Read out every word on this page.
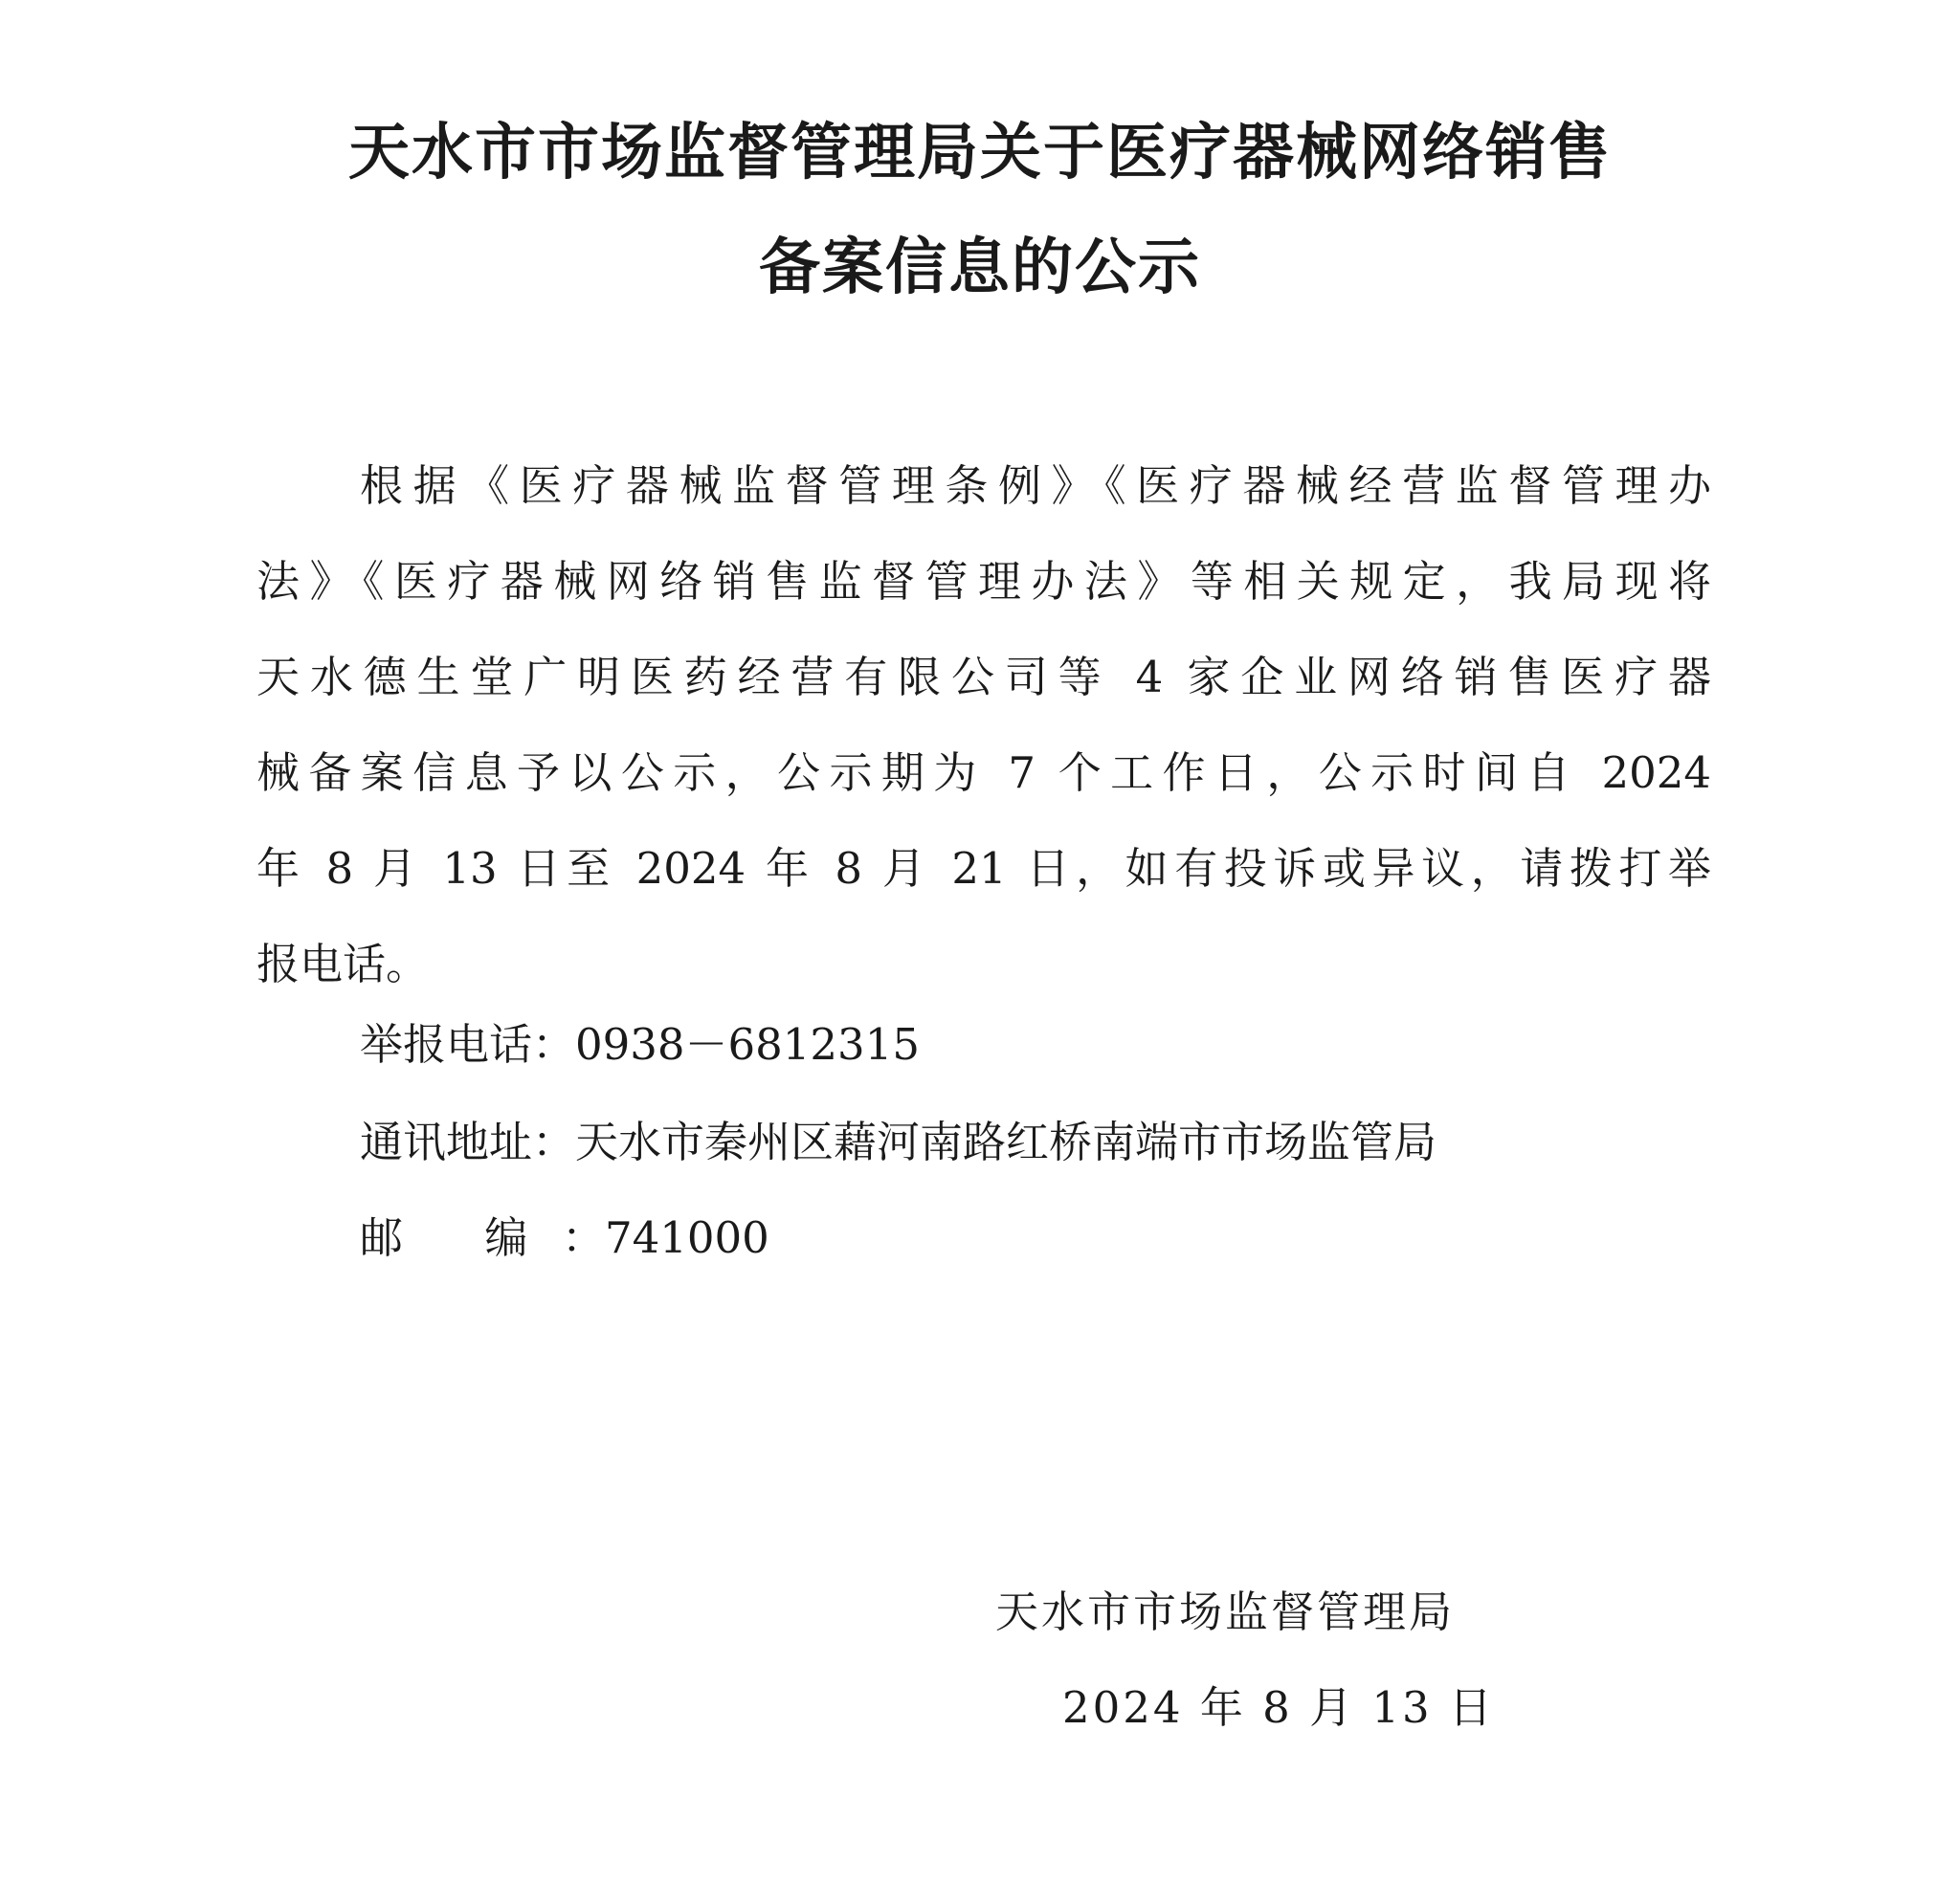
天水市市场监督管理局关于医疗器械网络销售
备案信息的公示
根据《医疗器械监督管理条例》《医疗器械经营监督管理办
法》《医疗器械网络销售监督管理办法》等相关规定，我局现将
天水德生堂广明医药经营有限公司等 4 家企业网络销售医疗器
械备案信息予以公示，公示期为 7 个工作日，公示时间自 2024
年 8 月 13 日至 2024 年 8 月 21 日，如有投诉或异议，请拨打举
报电话。
举报电话：0938－6812315
通讯地址：天水市秦州区藉河南路红桥南端市市场监管局
邮 编：741000
天水市市场监督管理局
2024 年 8 月 13 日
